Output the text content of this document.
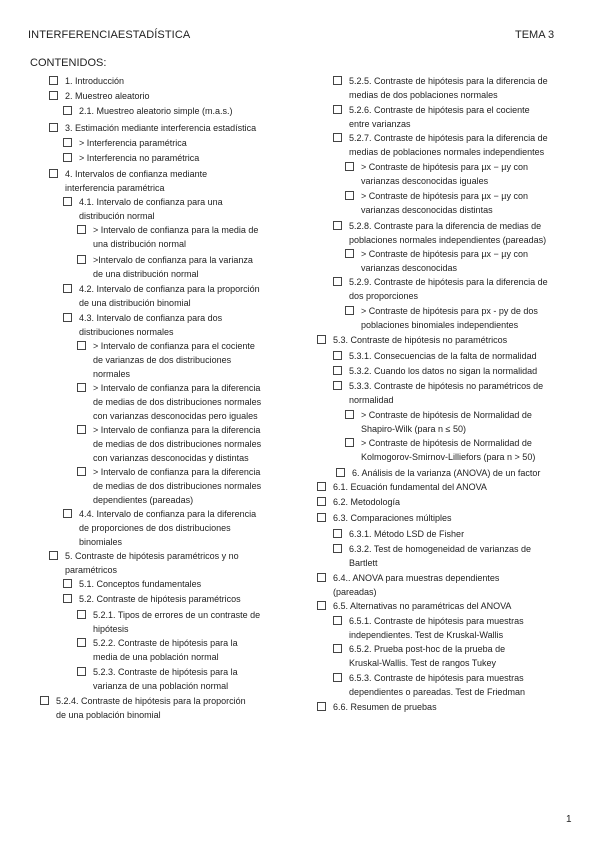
INTERFERENCIAESTADÍSTICA	TEMA 3
CONTENIDOS:
1. Introducción
2. Muestreo aleatorio
2.1. Muestreo aleatorio simple (m.a.s.)
3. Estimación mediante interferencia estadística
> Interferencia paramétrica
> Interferencia no paramétrica
4. Intervalos de confianza mediante
interferencia paramétrica
4.1. Intervalo de confianza para una
distribución normal
> Intervalo de confianza para la media de
una distribución normal
>Intervalo de confianza para la varianza
de una distribución normal
4.2. Intervalo de confianza para la proporción
de una distribución binomial
4.3. Intervalo de confianza para dos
distribuciones normales
> Intervalo de confianza para el cociente
de varianzas de dos distribuciones
normales
> Intervalo de confianza para la diferencia
de medias de dos distribuciones normales
con varianzas desconocidas pero iguales
> Intervalo de confianza para la diferencia
de medias de dos distribuciones normales
con varianzas desconocidas y distintas
> Intervalo de confianza para la diferencia
de medias de dos distribuciones normales
dependientes (pareadas)
4.4. Intervalo de confianza para la diferencia
de proporciones de dos distribuciones
binomiales
5. Contraste de hipótesis paramétricos y no
paramétricos
5.1. Conceptos fundamentales
5.2. Contraste de hipótesis paramétricos
5.2.1. Tipos de errores de un contraste de
hipótesis
5.2.2. Contraste de hipótesis para la
media de una población normal
5.2.3. Contraste de hipótesis para la
varianza de una población normal
5.2.4. Contraste de hipótesis para la proporción
de una población binomial
5.2.5. Contraste de hipótesis para la diferencia de
medias de dos poblaciones normales
5.2.6. Contraste de hipótesis para el cociente
entre varianzas
5.2.7. Contraste de hipótesis para la diferencia de
medias de poblaciones normales independientes
> Contraste de hipótesis para µx − µy con
varianzas desconocidas iguales
> Contraste de hipótesis para µx − µy con
varianzas desconocidas distintas
5.2.8. Contraste para la diferencia de medias de
poblaciones normales independientes (pareadas)
> Contraste de hipótesis para µx − µy con
varianzas desconocidas
5.2.9. Contraste de hipótesis para la diferencia de
dos proporciones
> Contraste de hipótesis para px - py de dos
poblaciones binomiales independientes
5.3. Contraste de hipótesis no paramétricos
5.3.1. Consecuencias de la falta de normalidad
5.3.2. Cuando los datos no sigan la normalidad
5.3.3. Contraste de hipótesis no paramétricos de
normalidad
> Contraste de hipótesis de Normalidad de
Shapiro-Wilk (para n ≤ 50)
> Contraste de hipótesis de Normalidad de
Kolmogorov-Smirnov-Lilliefors (para n > 50)
6. Análisis de la varianza (ANOVA) de un factor
6.1. Ecuación fundamental del ANOVA
6.2. Metodología
6.3. Comparaciones múltiples
6.3.1. Método LSD de Fisher
6.3.2. Test de homogeneidad de varianzas de
Bartlett
6.4.. ANOVA para muestras dependientes
(pareadas)
6.5. Alternativas no paramétricas del ANOVA
6.5.1. Contraste de hipótesis para muestras
independientes. Test de Kruskal-Wallis
6.5.2. Prueba post-hoc de la prueba de
Kruskal-Wallis. Test de rangos Tukey
6.5.3. Contraste de hipótesis para muestras
dependientes o pareadas. Test de Friedman
6.6. Resumen de pruebas
1
